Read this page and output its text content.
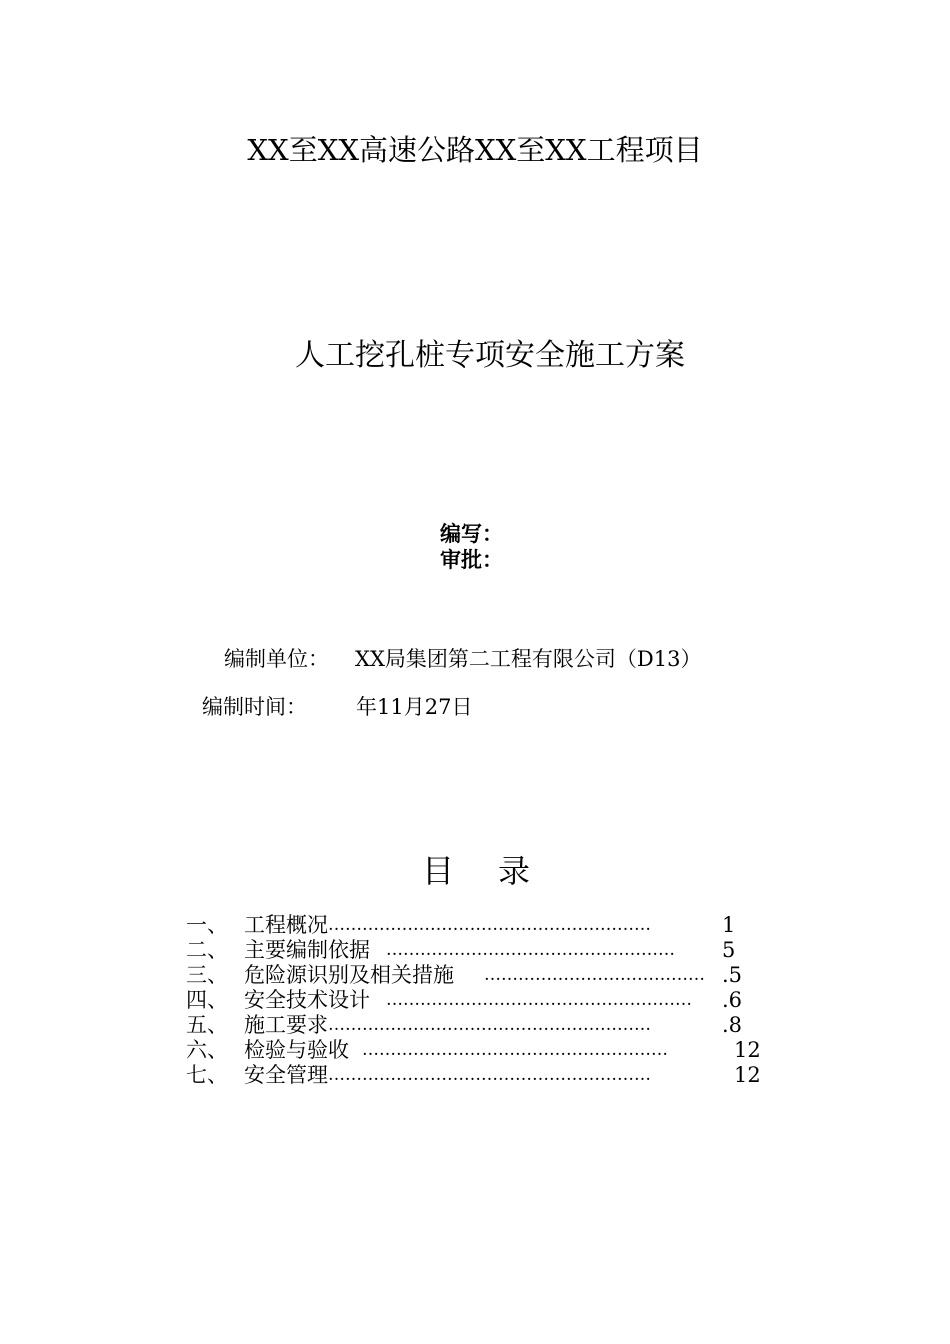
XX至XX高速公路XX至XX工程项目
人工挖孔桩专项安全施工方案
编写：
审批：
编制单位： XX局集团第二工程有限公司（D13）
编制时间： 年11月27日
目 录
一、 工程概况 …………………………………………………	1
二、 主要编制依据 …………………………………………… 5
三、 危险源识别及相关措施 ………………………………… .5
四、 安全技术设计 ……………………………………………… .6
五、 施工要求 …………………………………………………	.8
六、 检验与验收 ………………………………………………	12
七、 安全管理 …………………………………………………	12
